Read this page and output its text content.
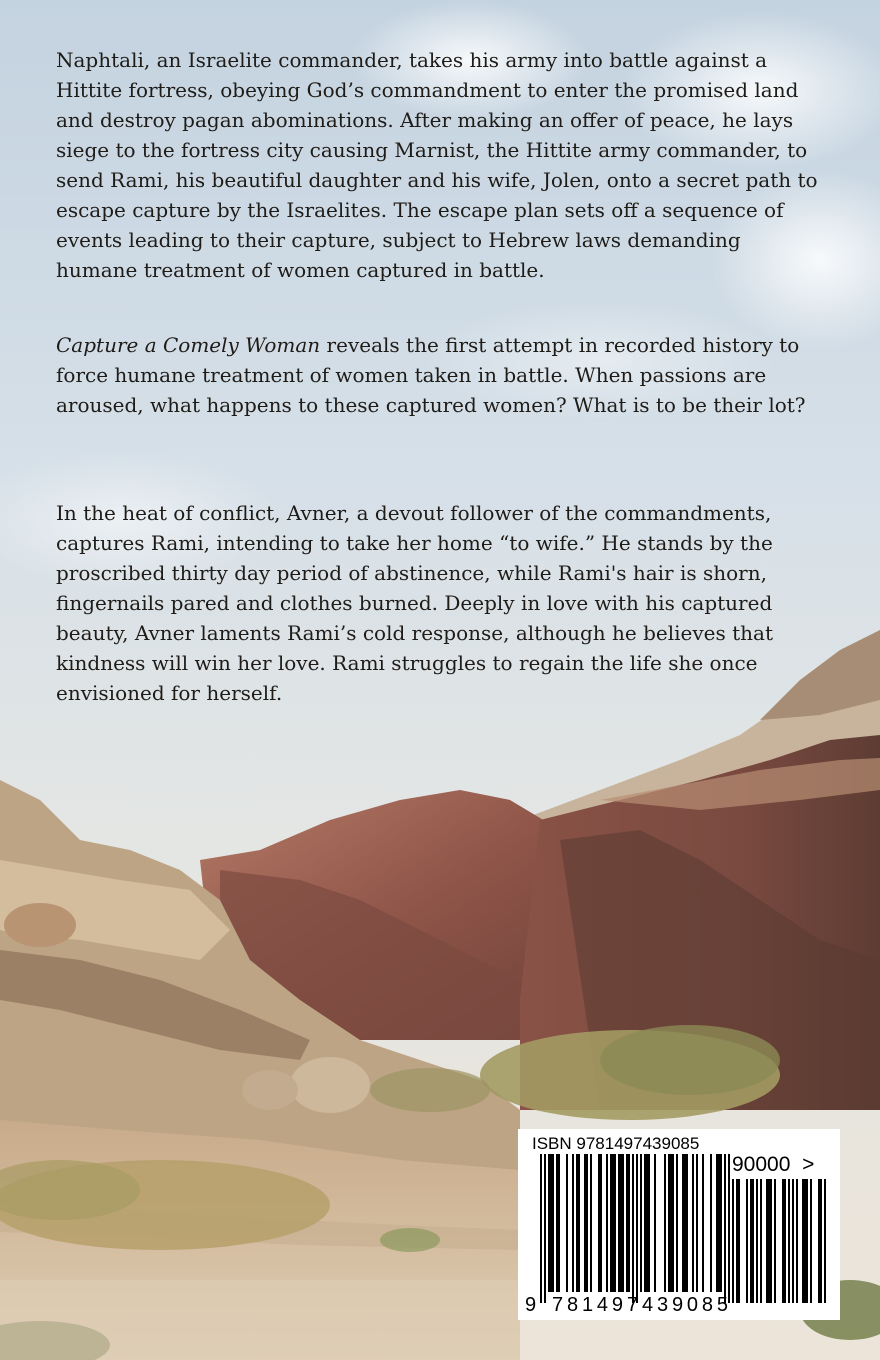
Naphtali, an Israelite commander, takes his army into battle against a Hittite fortress, obeying God’s commandment to enter the promised land and destroy pagan abominations. After making an offer of peace, he lays siege to the fortress city causing Marnist, the Hittite army commander, to send Rami, his beautiful daughter and his wife, Jolen, onto a secret path to escape capture by the Israelites. The escape plan sets off a sequence of events leading to their capture, subject to Hebrew laws demanding humane treatment of women captured in battle.

Capture a Comely Woman reveals the first attempt in recorded history to force humane treatment of women taken in battle. When passions are aroused, what happens to these captured women? What is to be their lot?

In the heat of conflict, Avner, a devout follower of the commandments, captures Rami, intending to take her home “to wife.” He stands by the proscribed thirty day period of abstinence, while Rami's hair is shorn, fingernails pared and clothes burned. Deeply in love with his captured beauty, Avner laments Rami’s cold response, although he believes that kindness will win her love. Rami struggles to regain the life she once envisioned for herself.

ISBN 9781497439085
90000  >
9 781497 439085
